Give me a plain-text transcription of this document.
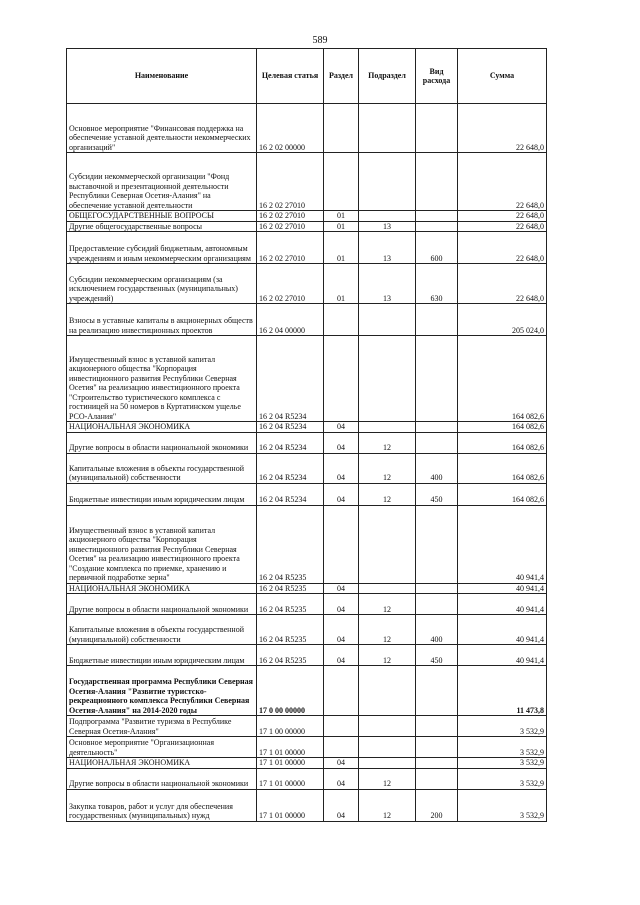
589
Наименование	Целевая статья	Раздел	Подраздел	Вид расхода	Сумма
Основное мероприятие "Финансовая поддержка на обеспечение уставной деятельности некоммерческих организаций"	16 2 02 00000				22 648,0
Субсидии некоммерческой организации "Фонд выставочной и презентационной деятельности Республики Северная Осетия-Алания" на обеспечение уставной деятельности	16 2 02 27010				22 648,0
ОБЩЕГОСУДАРСТВЕННЫЕ ВОПРОСЫ	16 2 02 27010	01			22 648,0
Другие общегосударственные вопросы	16 2 02 27010	01	13		22 648,0
Предоставление субсидий бюджетным, автономным учреждениям и иным некоммерческим организациям	16 2 02 27010	01	13	600	22 648,0
Субсидии некоммерческим организациям (за исключением государственных (муниципальных) учреждений)	16 2 02 27010	01	13	630	22 648,0
Взносы в уставные капиталы в акционерных обществ на реализацию инвестиционных проектов	16 2 04 00000				205 024,0
Имущественный взнос в уставной капитал акционерного общества "Корпорация инвестиционного развития Республики Северная Осетия" на реализацию инвестиционного проекта "Строительство туристического комплекса с гостиницей на 50 номеров в Куртатинском ущелье РСО-Алания"	16 2 04 R5234				164 082,6
НАЦИОНАЛЬНАЯ ЭКОНОМИКА	16 2 04 R5234	04			164 082,6
Другие вопросы в области национальной экономики	16 2 04 R5234	04	12		164 082,6
Капитальные вложения в объекты государственной (муниципальной) собственности	16 2 04 R5234	04	12	400	164 082,6
Бюджетные инвестиции иным юридическим лицам	16 2 04 R5234	04	12	450	164 082,6
Имущественный взнос в уставной капитал акционерного общества "Корпорация инвестиционного развития Республики Северная Осетия" на реализацию инвестиционного проекта "Создание комплекса по приемке, хранению и первичной подработке зерна"	16 2 04 R5235				40 941,4
НАЦИОНАЛЬНАЯ ЭКОНОМИКА	16 2 04 R5235	04			40 941,4
Другие вопросы в области национальной экономики	16 2 04 R5235	04	12		40 941,4
Капитальные вложения в объекты государственной (муниципальной) собственности	16 2 04 R5235	04	12	400	40 941,4
Бюджетные инвестиции иным юридическим лицам	16 2 04 R5235	04	12	450	40 941,4
Государственная программа Республики Северная Осетия-Алания "Развитие туристско-рекреационного комплекса Республики Северная Осетия-Алания" на 2014-2020 годы	17 0 00 00000				11 473,8
Подпрограмма "Развитие туризма в Республике Северная Осетия-Алания"	17 1 00 00000				3 532,9
Основное мероприятие "Организационная деятельность"	17 1 01 00000				3 532,9
НАЦИОНАЛЬНАЯ ЭКОНОМИКА	17 1 01 00000	04			3 532,9
Другие вопросы в области национальной экономики	17 1 01 00000	04	12		3 532,9
Закупка товаров, работ и услуг для обеспечения государственных (муниципальных) нужд	17 1 01 00000	04	12	200	3 532,9
